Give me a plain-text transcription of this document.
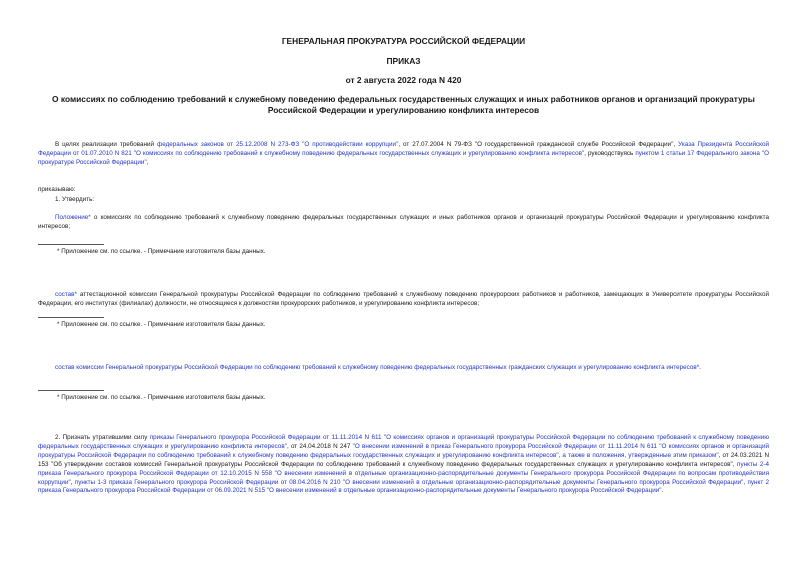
ГЕНЕРАЛЬНАЯ ПРОКУРАТУРА РОССИЙСКОЙ ФЕДЕРАЦИИ
ПРИКАЗ
от 2 августа 2022 года N 420
О комиссиях по соблюдению требований к служебному поведению федеральных государственных служащих и иных работников органов и организаций прокуратуры Российской Федерации и урегулированию конфликта интересов
В целях реализации требований федеральных законов от 25.12.2008 N 273-ФЗ "О противодействии коррупции", от 27.07.2004 N 79-ФЗ "О государственной гражданской службе Российской Федерации", Указа Президента Российской Федерации от 01.07.2010 N 821 "О комиссиях по соблюдению требований к служебному поведению федеральных государственных служащих и урегулированию конфликта интересов", руководствуясь пунктом 1 статьи 17 Федерального закона "О прокуратуре Российской Федерации",
приказываю:
1. Утвердить:
Положение* о комиссиях по соблюдению требований к служебному поведению федеральных государственных служащих и иных работников органов и организаций прокуратуры Российской Федерации и урегулированию конфликта интересов;
* Приложение см. по ссылке. - Примечание изготовителя базы данных.
состав* аттестационной комиссии Генеральной прокуратуры Российской Федерации по соблюдению требований к служебному поведению прокурорских работников и работников, замещающих в Университете прокуратуры Российской Федерации, его институтах (филиалах) должности, не относящиеся к должностям прокурорских работников, и урегулированию конфликта интересов;
* Приложение см. по ссылке. - Примечание изготовителя базы данных.
состав комиссии Генеральной прокуратуры Российской Федерации по соблюдению требований к служебному поведению федеральных государственных гражданских служащих и урегулированию конфликта интересов*.
* Приложение см. по ссылке. - Примечание изготовителя базы данных.
2. Признать утратившими силу приказы Генерального прокурора Российской Федерации от 11.11.2014 N 611 "О комиссиях органов и организаций прокуратуры Российской Федерации по соблюдению требований к служебному поведению федеральных государственных служащих и урегулированию конфликта интересов", от 24.04.2018 N 247 "О внесении изменений в приказ Генерального прокурора Российской Федерации от 11.11.2014 N 611 "О комиссиях органов и организаций прокуратуры Российской Федерации по соблюдению требований к служебному поведению федеральных государственных служащих и урегулированию конфликта интересов", а также в положения, утвержденные этим приказом", от 24.03.2021 N 153 "Об утверждении составов комиссий Генеральной прокуратуры Российской Федерации по соблюдению требований к служебному поведению федеральных государственных служащих и урегулированию конфликта интересов", пункты 2-4 приказа Генерального прокурора Российской Федерации от 12.10.2015 N 558 "О внесении изменений в отдельные организационно-распорядительные документы Генерального прокурора Российской Федерации по вопросам противодействия коррупции", пункты 1-3 приказа Генерального прокурора Российской Федерации от 08.04.2016 N 210 "О внесении изменений в отдельные организационно-распорядительные документы Генерального прокурора Российской Федерации", пункт 2 приказа Генерального прокурора Российской Федерации от 06.09.2021 N 515 "О внесении изменений в отдельные организационно-распорядительные документы Генерального прокурора Российской Федерации".
